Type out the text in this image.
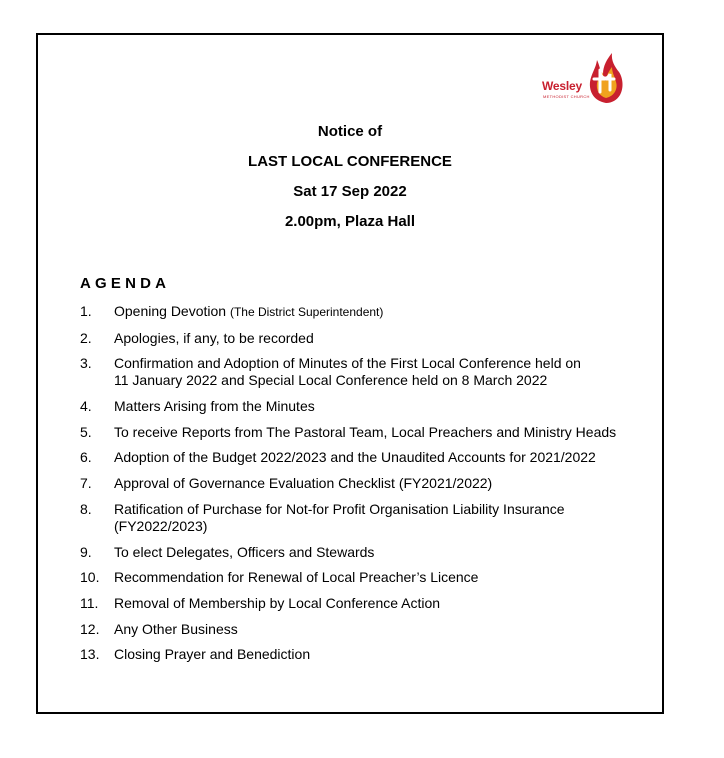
Wesley
METHODIST CHURCH
Notice of
LAST LOCAL CONFERENCE
Sat 17 Sep 2022
2.00pm, Plaza Hall
AGENDA
1. Opening Devotion (The District Superintendent)
2. Apologies, if any, to be recorded
3. Confirmation and Adoption of Minutes of the First Local Conference held on
11 January 2022 and Special Local Conference held on 8 March 2022
4. Matters Arising from the Minutes
5. To receive Reports from The Pastoral Team, Local Preachers and Ministry Heads
6. Adoption of the Budget 2022/2023 and the Unaudited Accounts for 2021/2022
7. Approval of Governance Evaluation Checklist (FY2021/2022)
8. Ratification of Purchase for Not-for Profit Organisation Liability Insurance
(FY2022/2023)
9. To elect Delegates, Officers and Stewards
10. Recommendation for Renewal of Local Preacher’s Licence
11. Removal of Membership by Local Conference Action
12. Any Other Business
13. Closing Prayer and Benediction
